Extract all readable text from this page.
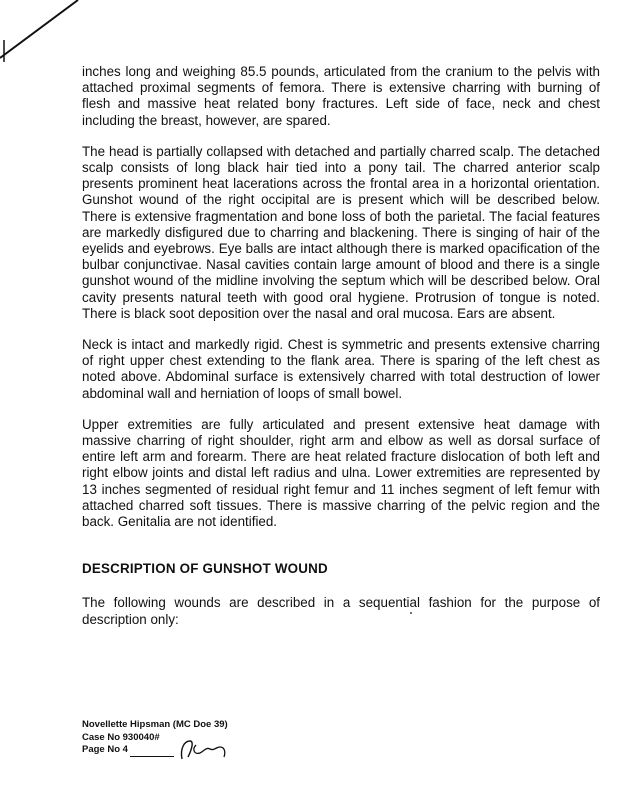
inches long and weighing 85.5 pounds, articulated from the cranium to the pelvis with attached proximal segments of femora. There is extensive charring with burning of flesh and massive heat related bony fractures. Left side of face, neck and chest including the breast, however, are spared.

The head is partially collapsed with detached and partially charred scalp. The detached scalp consists of long black hair tied into a pony tail. The charred anterior scalp presents prominent heat lacerations across the frontal area in a horizontal orientation. Gunshot wound of the right occipital are is present which will be described below. There is extensive fragmentation and bone loss of both the parietal. The facial features are markedly disfigured due to charring and blackening. There is singing of hair of the eyelids and eyebrows. Eye balls are intact although there is marked opacification of the bulbar conjunctivae. Nasal cavities contain large amount of blood and there is a single gunshot wound of the midline involving the septum which will be described below. Oral cavity presents natural teeth with good oral hygiene. Protrusion of tongue is noted. There is black soot deposition over the nasal and oral mucosa. Ears are absent.

Neck is intact and markedly rigid. Chest is symmetric and presents extensive charring of right upper chest extending to the flank area. There is sparing of the left chest as noted above. Abdominal surface is extensively charred with total destruction of lower abdominal wall and herniation of loops of small bowel.

Upper extremities are fully articulated and present extensive heat damage with massive charring of right shoulder, right arm and elbow as well as dorsal surface of entire left arm and forearm. There are heat related fracture dislocation of both left and right elbow joints and distal left radius and ulna. Lower extremities are represented by 13 inches segmented of residual right femur and 11 inches segment of left femur with attached charred soft tissues. There is massive charring of the pelvic region and the back. Genitalia are not identified.

DESCRIPTION OF GUNSHOT WOUND

The following wounds are described in a sequential fashion for the purpose of description only:

Novellette Hipsman (MC Doe 39)
Case No 930040#
Page No 4
